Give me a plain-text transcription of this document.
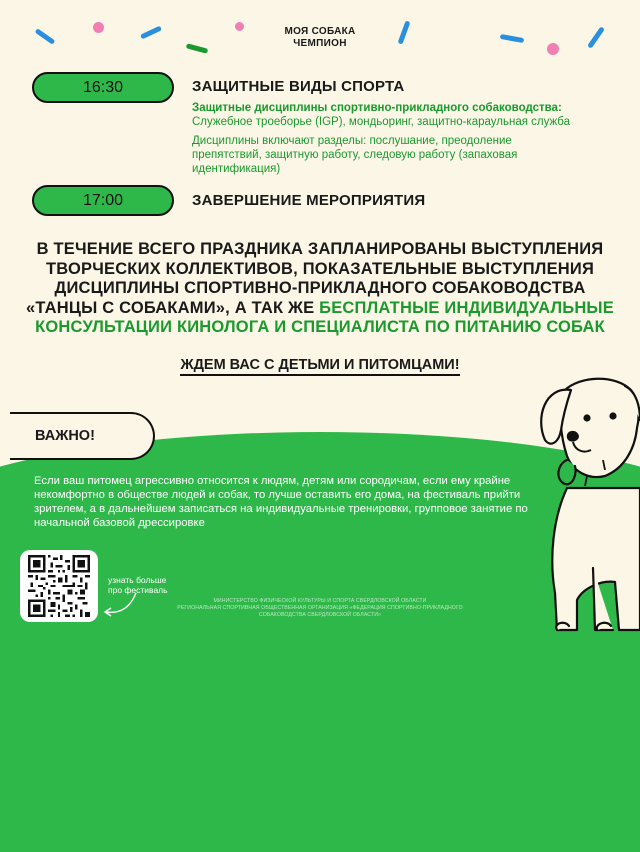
МОЯ СОБАКА
ЧЕМПИОН
16:30	ЗАЩИТНЫЕ ВИДЫ СПОРТА
Защитные дисциплины спортивно-прикладного собаководства:
Служебное троеборье (IGP), мондьоринг, защитно-караульная служба
Дисциплины включают разделы: послушание, преодоление препятствий, защитную работу, следовую работу (запаховая идентификация)
17:00	ЗАВЕРШЕНИЕ МЕРОПРИЯТИЯ
В ТЕЧЕНИЕ ВСЕГО ПРАЗДНИКА ЗАПЛАНИРОВАНЫ ВЫСТУПЛЕНИЯ
ТВОРЧЕСКИХ КОЛЛЕКТИВОВ, ПОКАЗАТЕЛЬНЫЕ ВЫСТУПЛЕНИЯ
ДИСЦИПЛИНЫ СПОРТИВНО-ПРИКЛАДНОГО СОБАКОВОДСТВА
«ТАНЦЫ С СОБАКАМИ», А ТАК ЖЕ БЕСПЛАТНЫЕ ИНДИВИДУАЛЬНЫЕ
КОНСУЛЬТАЦИИ КИНОЛОГА И СПЕЦИАЛИСТА ПО ПИТАНИЮ СОБАК
ЖДЕМ ВАС С ДЕТЬМИ И ПИТОМЦАМИ!
ВАЖНО!
Если ваш питомец агрессивно относится к людям, детям или сородичам, если ему крайне некомфортно в обществе людей и собак, то лучше оставить его дома, на фестиваль прийти зрителем, а в дальнейшем записаться на индивидуальные тренировки, групповое занятие по начальной базовой дрессировке
узнать больше
про фестиваль
МИНИСТЕРСТВО ФИЗИЧЕСКОЙ КУЛЬТУРЫ И СПОРТА СВЕРДЛОВСКОЙ ОБЛАСТИ
РЕГИОНАЛЬНАЯ СПОРТИВНАЯ ОБЩЕСТВЕННАЯ ОРГАНИЗАЦИЯ «ФЕДЕРАЦИЯ СПОРТИВНО-ПРИКЛАДНОГО
СОБАКОВОДСТВА СВЕРДЛОВСКОЙ ОБЛАСТИ»
